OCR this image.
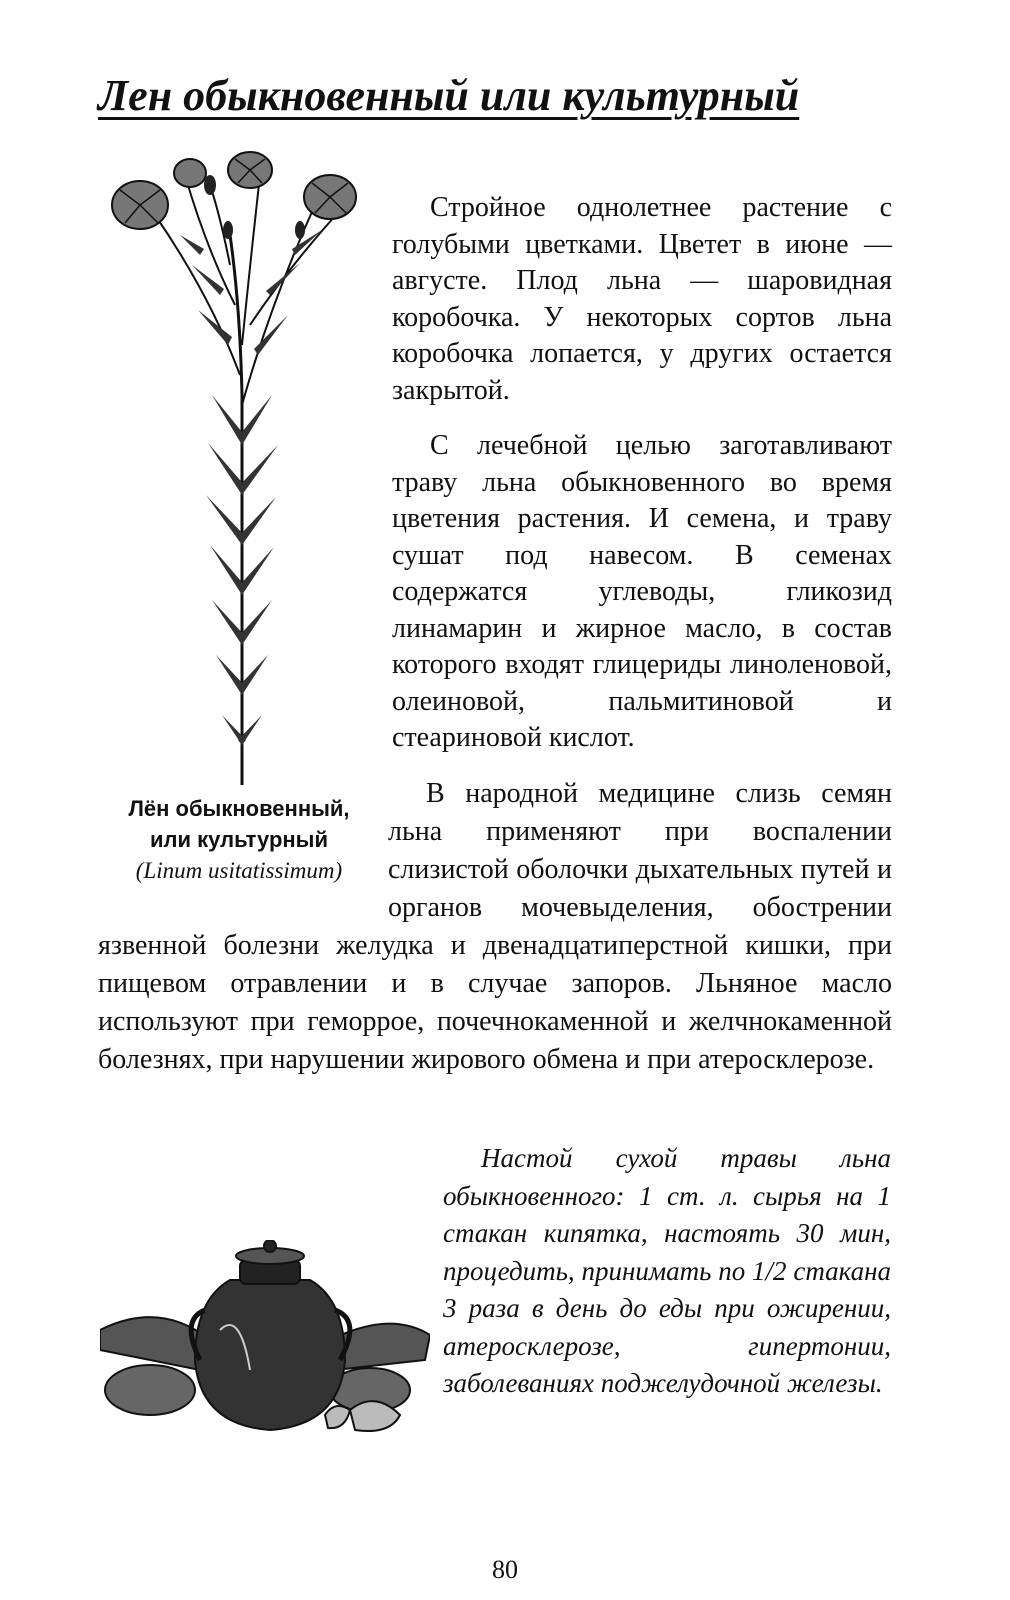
Лен обыкновенный или культурный
Лён обыкновенный,
или культурный
(Linum usitatissimum)

Стройное однолетнее растение с голубыми цветками. Цветет в июне — августе. Плод льна — шаровидная коробочка. У некоторых сортов льна коробочка лопается, у других остается закрытой.

С лечебной целью заготавливают траву льна обыкновенного во время цветения растения. И семена, и траву сушат под навесом. В семенах содержатся углеводы, гликозид линамарин и жирное масло, в состав которого входят глицериды линоленовой, олеиновой, пальмитиновой и стеариновой кислот.

В народной медицине слизь семян льна применяют при воспалении слизистой оболочки дыхательных путей и органов мочевыделения, обострении язвенной болезни желудка и двенадцатиперстной кишки, при пищевом отравлении и в случае запоров. Льняное масло используют при геморрое, почечнокаменной и желчнокаменной болезнях, при нарушении жирового обмена и при атеросклерозе.

Настой сухой травы льна обыкновенного: 1 ст. л. сырья на 1 стакан кипятка, настоять 30 мин, процедить, принимать по 1/2 стакана 3 раза в день до еды при ожирении, атеросклерозе, гипертонии, заболеваниях поджелудочной железы.

80
